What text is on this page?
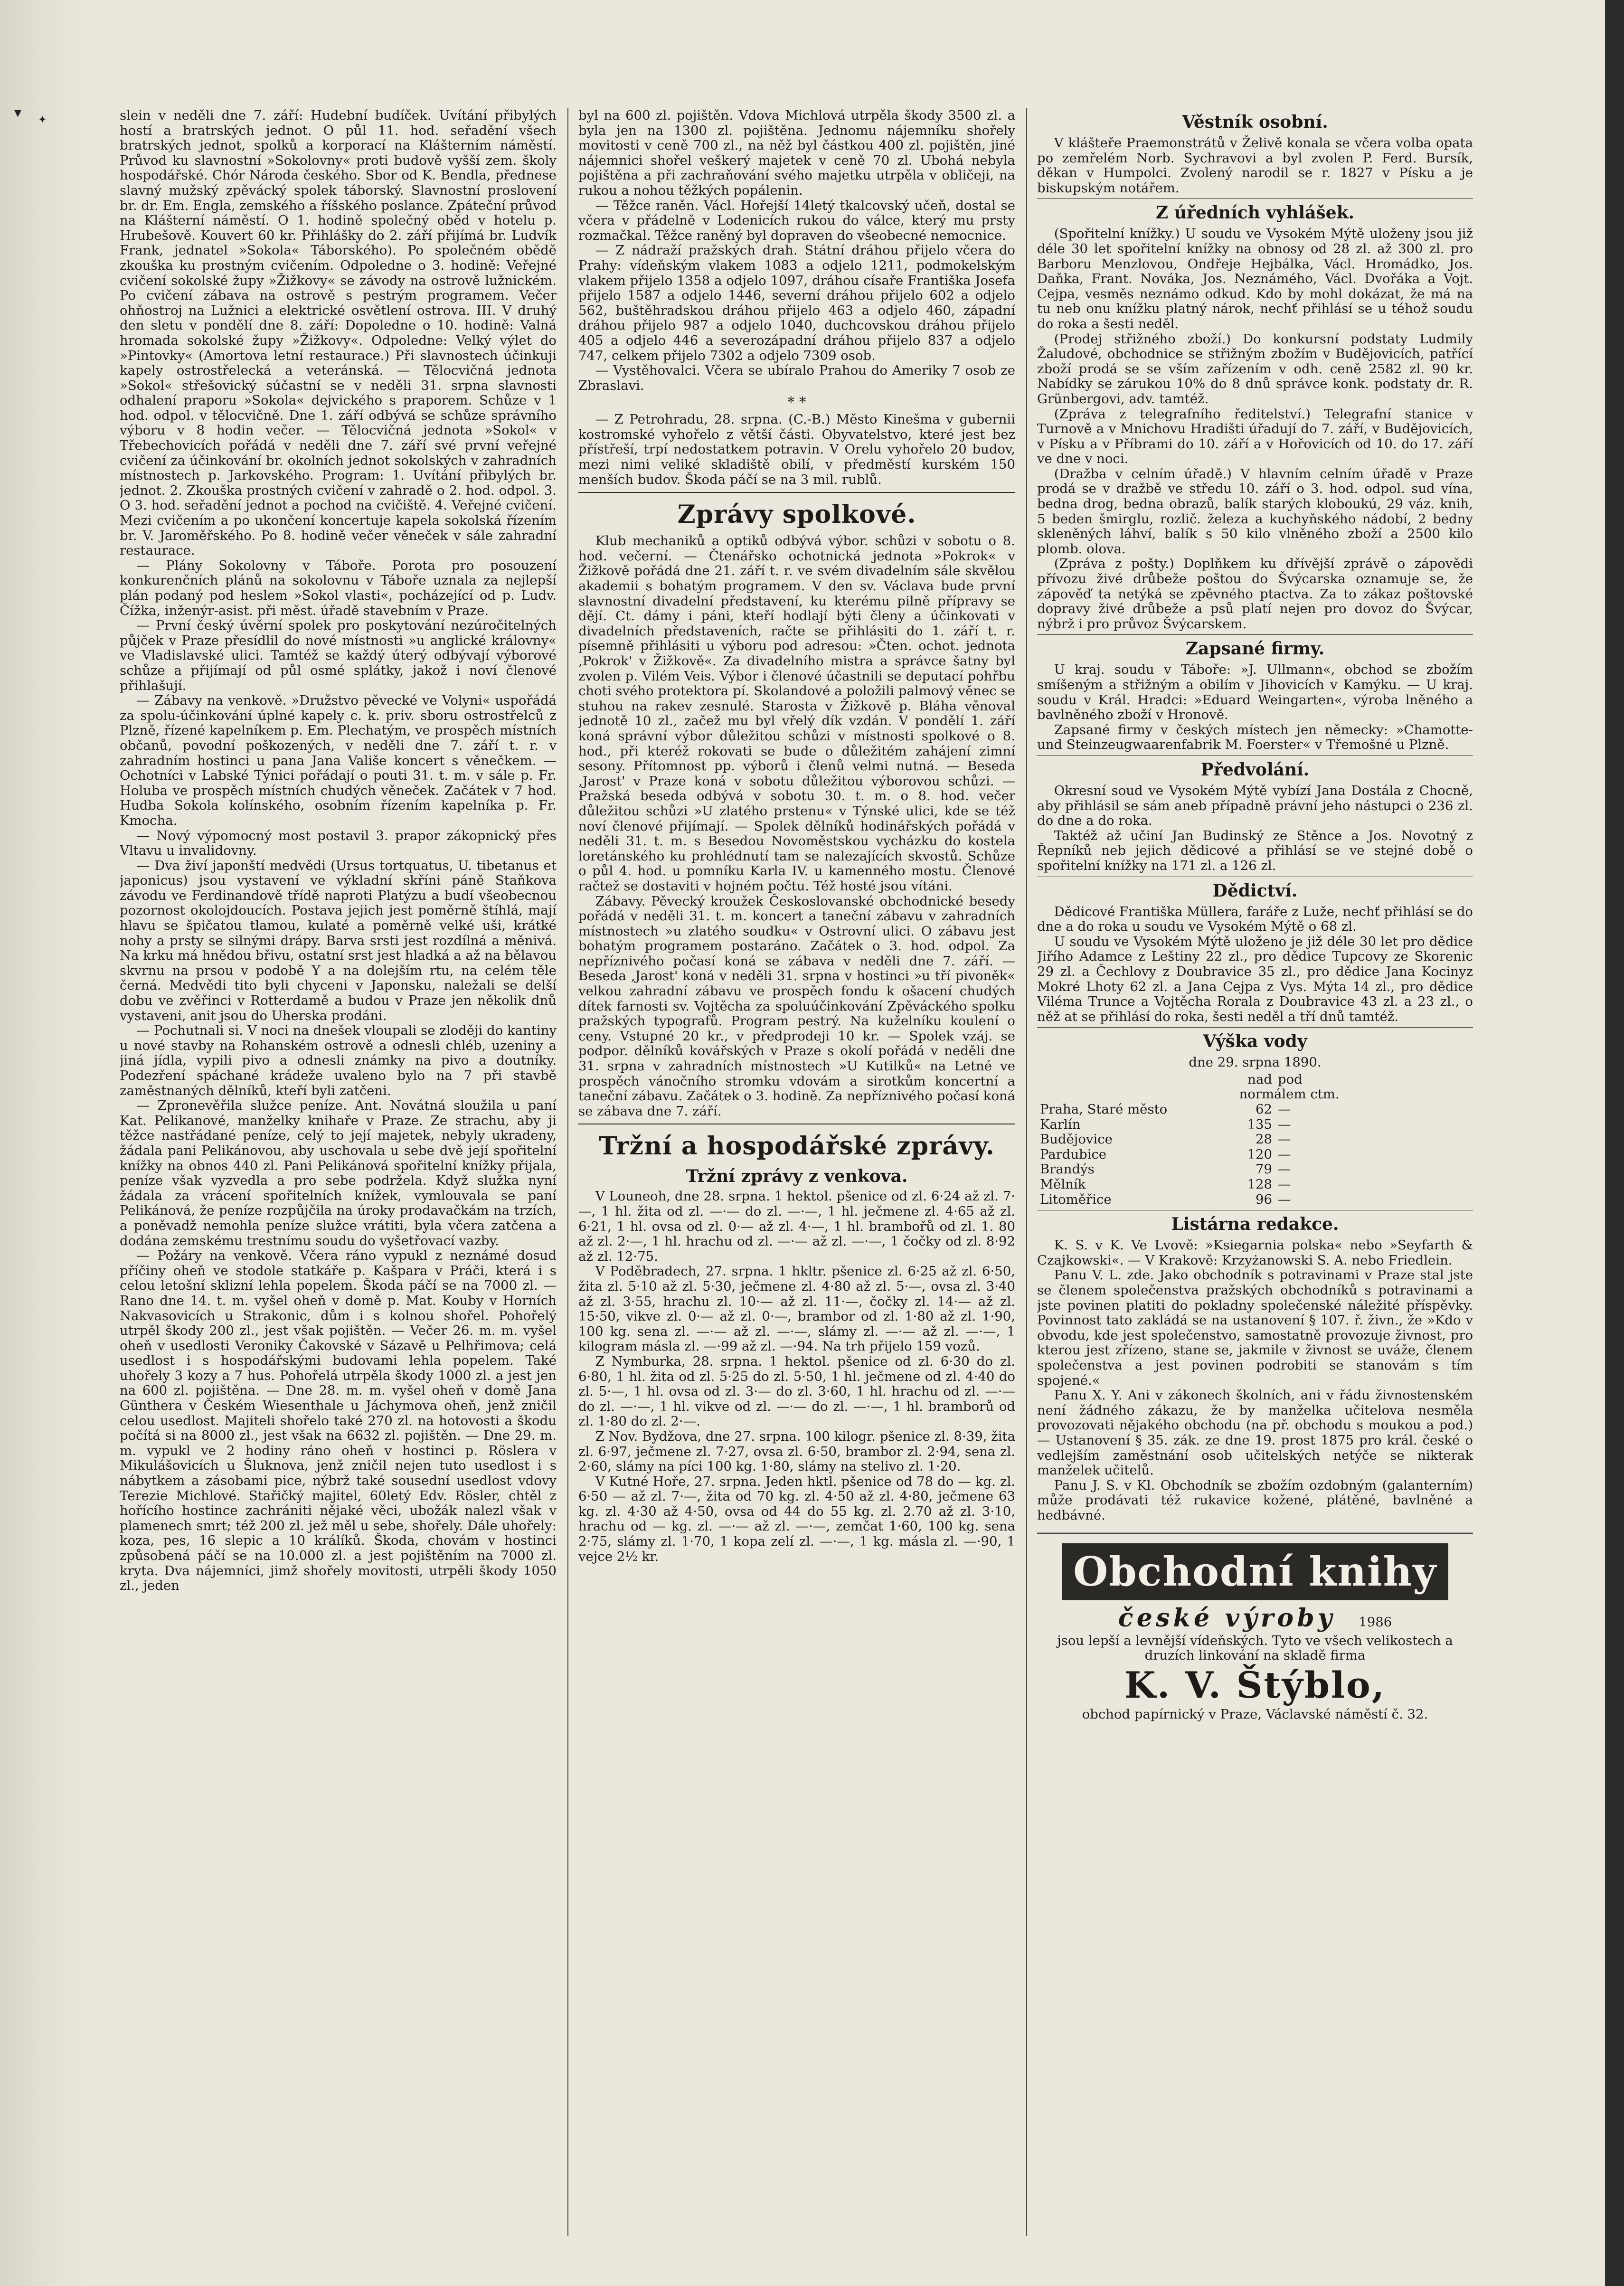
▾ ✦	slein v neděli dne 7. září: Hudební budíček. Uvítání přibylých hostí a bratrských jednot. O půl 11. hod. seřadění všech bratrských jednot, spolků a korporací na Klášterním náměstí. Průvod ku slavnostní »Sokolovny« proti budově vyšší zem. školy hospodářské. Chór Národa českého. Sbor od K. Bendla, přednese slavný mužský zpěvácký spolek táborský. Slavnostní proslovení br. dr. Em. Engla, zemského a říšského poslance. Zpáteční průvod na Klášterní náměstí. O 1. hodině společný oběd v hotelu p. Hrubešově. Kouvert 60 kr. Přihlášky do 2. září přijímá br. Ludvík Frank, jednatel »Sokola« Táborského). Po společném obědě zkouška ku prostným cvičením. Odpoledne o 3. hodině: Veřejné cvičení sokolské župy »Žižkovy« se závody na ostrově lužnickém. Po cvičení zábava na ostrově s pestrým programem. Večer ohňostroj na Lužnici a elektrické osvětlení ostrova. III. V druhý den sletu v pondělí dne 8. září: Dopoledne o 10. hodině: Valná hromada sokolské župy »Žižkovy«. Odpoledne: Velký výlet do »Pintovky« (Amortova letní restaurace.) Při slavnostech účinkuji kapely ostrostřelecká a veteránská. — Tělocvičná jednota »Sokol« střešovický súčastní se v neděli 31. srpna slavnosti odhalení praporu »Sokola« dejvického s praporem. Schůze v 1 hod. odpol. v tělocvičně. Dne 1. září odbývá se schůze správního výboru v 8 hodin večer. — Tělocvičná jednota »Sokol« v Třebechovicích pořádá v neděli dne 7. září své první veřejné cvičení za účinkování br. okolních jednot sokolských v zahradních místnostech p. Jarkovského. Program: 1. Uvítání přibylých br. jednot. 2. Zkouška prostných cvičení v zahradě o 2. hod. odpol. 3. O 3. hod. seřadění jednot a pochod na cvičiště. 4. Veřejné cvičení. Mezi cvičením a po ukončení koncertuje kapela sokolská řízením br. V. Jaroměřského. Po 8. hodině večer věneček v sále zahradní restaurace.

— Plány Sokolovny v Táboře. Porota pro posouzení konkurenčních plánů na sokolovnu v Táboře uznala za nejlepší plán podaný pod heslem »Sokol vlasti«, pocházející od p. Ludv. Čížka, inženýr-asist. při měst. úřadě stavebním v Praze.

— První český úvěrní spolek pro poskytování nezúročitelných půjček v Praze přesídlil do nové místnosti »u anglické královny« ve Vladislavské ulici. Tamtéž se každý úterý odbývají výborové schůze a přijímají od půl osmé splátky, jakož i noví členové přihlašují.

— Zábavy na venkově. »Družstvo pěvecké ve Volyni« uspořádá za spolu-účinkování úplné kapely c. k. priv. sboru ostrostřelců z Plzně, řízené kapelníkem p. Em. Plechatým, ve prospěch místních občanů, povodní poškozených, v neděli dne 7. září t. r. v zahradním hostinci u pana Jana Vališe koncert s věnečkem. — Ochotníci v Labské Týnici pořádají o pouti 31. t. m. v sále p. Fr. Holuba ve prospěch místních chudých věneček. Začátek v 7 hod. Hudba Sokola kolínského, osobním řízením kapelníka p. Fr. Kmocha.

— Nový výpomocný most postavil 3. prapor zákopnický přes Vltavu u invalidovny.

— Dva živí japonští medvědi (Ursus tortquatus, U. tibetanus et japonicus) jsou vystavení ve výkladní skříni páně Staňkova závodu ve Ferdinandově třídě naproti Platýzu a budí všeobecnou pozornost okolojdoucích. Postava jejich jest poměrně štíhlá, mají hlavu se špičatou tlamou, kulaté a poměrně velké uši, krátké nohy a prsty se silnými drápy. Barva srsti jest rozdílná a měnivá. Na krku má hnědou břivu, ostatní srst jest hladká a až na bělavou skvrnu na prsou v podobě Y a na dolejším rtu, na celém těle černá. Medvědi tito byli chyceni v Japonsku, naležali se delší dobu ve zvěřinci v Rotterdamě a budou v Praze jen několik dnů vystaveni, anit jsou do Uherska prodáni.

— Pochutnali si. V noci na dnešek vloupali se zloději do kantiny u nové stavby na Rohanském ostrově a odnesli chléb, uzeniny a jiná jídla, vypili pivo a odnesli známky na pivo a doutníky. Podezření spáchané krádeže uvaleno bylo na 7 při stavbě zaměstnaných dělníků, kteří byli zatčeni.

— Zpronevěřila služce peníze. Ant. Novátná sloužila u paní Kat. Pelikanové, manželky knihaře v Praze. Ze strachu, aby ji těžce nastřádané peníze, celý to její majetek, nebyly ukradeny, žádala pani Pelikánovou, aby uschovala u sebe dvě její spořitelní knížky na obnos 440 zl. Pani Pelikánová spořitelní knížky přijala, peníze však vyzvedla a pro sebe podržela. Když služka nyní žádala za vrácení spořitelních knížek, vymlouvala se paní Pelikánová, že peníze rozpůjčila na úroky prodavačkám na trzích, a poněvadž nemohla peníze služce vrátiti, byla včera zatčena a dodána zemskému trestnímu soudu do vyšetřovací vazby.

— Požáry na venkově. Včera ráno vypukl z neznámé dosud příčiny oheň ve stodole statkáře p. Kašpara v Práči, která i s celou letošní sklizní lehla popelem. Škoda páčí se na 7000 zl. — Rano dne 14. t. m. vyšel oheň v domě p. Mat. Kouby v Horních Nakvasovicích u Strakonic, dům i s kolnou shořel. Pohořelý utrpěl škody 200 zl., jest však pojištěn. — Večer 26. m. m. vyšel oheň v usedlosti Veroniky Čakovské v Sázavě u Pelhřimova; celá usedlost i s hospodářskými budovami lehla popelem. Také uhořely 3 kozy a 7 hus. Pohořelá utrpěla škody 1000 zl. a jest jen na 600 zl. pojištěna. — Dne 28. m. m. vyšel oheň v domě Jana Günthera v Českém Wiesenthale u Jáchymova oheň, jenž zničil celou usedlost. Majiteli shořelo také 270 zl. na hotovosti a škodu počítá si na 8000 zl., jest však na 6632 zl. pojištěn. — Dne 29. m. m. vypukl ve 2 hodiny ráno oheň v hostinci p. Röslera v Mikulášovicích u Šluknova, jenž zničil nejen tuto usedlost i s nábytkem a zásobami pice, nýbrž také sousední usedlost vdovy Terezie Michlové. Stařičký majitel, 60letý Edv. Rösler, chtěl z hořícího hostince zachrániti nějaké věci, ubožák nalezl však v plamenech smrt; též 200 zl. jež měl u sebe, shořely. Dále uhořely: koza, pes, 16 slepic a 10 králíků. Škoda, chovám v hostinci způsobená páčí se na 10.000 zl. a jest pojištěním na 7000 zl. kryta. Dva nájemníci, jimž shořely movitosti, utrpěli škody 1050 zl., jeden

byl na 600 zl. pojištěn. Vdova Michlová utrpěla škody 3500 zl. a byla jen na 1300 zl. pojištěna. Jednomu nájemníku shořely movitosti v ceně 700 zl., na něž byl částkou 400 zl. pojištěn, jiné nájemnici shořel veškerý majetek v ceně 70 zl. Ubohá nebyla pojištěna a při zachraňování svého majetku utrpěla v obličeji, na rukou a nohou těžkých popálenin.

— Těžce raněn. Václ. Hořejší 14letý tkalcovský učeň, dostal se včera v přádelně v Lodenicích rukou do válce, který mu prsty rozmačkal. Těžce raněný byl dopraven do všeobecné nemocnice.

— Z nádraží pražských drah. Státní dráhou přijelo včera do Prahy: vídeňským vlakem 1083 a odjelo 1211, podmokelským vlakem přijelo 1358 a odjelo 1097, dráhou císaře Františka Josefa přijelo 1587 a odjelo 1446, severní dráhou přijelo 602 a odjelo 562, buštěhradskou dráhou přijelo 463 a odjelo 460, západní dráhou přijelo 987 a odjelo 1040, duchcovskou dráhou přijelo 405 a odjelo 446 a severozápadní dráhou přijelo 837 a odjelo 747, celkem přijelo 7302 a odjelo 7309 osob.

— Vystěhovalci. Včera se ubíralo Prahou do Ameriky 7 osob ze Zbraslavi.

* *

— Z Petrohradu, 28. srpna. (C.-B.) Město Kinešma v gubernii kostromské vyhořelo z větší části. Obyvatelstvo, které jest bez přístřeší, trpí nedostatkem potravin. V Orelu vyhořelo 20 budov, mezi nimi veliké skladiště obilí, v předměstí kurském 150 menších budov. Škoda páčí se na 3 mil. rublů.

Zprávy spolkové.

Klub mechaniků a optiků odbývá výbor. schůzi v sobotu o 8. hod. večerní. — Čtenářsko ochotnická jednota »Pokrok« v Žižkově pořádá dne 21. září t. r. ve svém divadelním sále skvělou akademii s bohatým programem. V den sv. Václava bude první slavnostní divadelní představení, ku kterému pilně přípravy se dějí. Ct. dámy i páni, kteří hodlají býti členy a účinkovati v divadelních představeních, račte se přihlásiti do 1. září t. r. písemně přihlásiti u výboru pod adresou: »Čten. ochot. jednota ‚Pokrok' v Žižkově«. Za divadelního mistra a správce šatny byl zvolen p. Vilém Veis. Výbor i členové účastnili se deputací pohřbu choti svého protektora pí. Skolandové a položili palmový věnec se stuhou na rakev zesnulé. Starosta v Žižkově p. Bláha věnoval jednotě 10 zl., začež mu byl vřelý dík vzdán. V pondělí 1. září koná správní výbor důležitou schůzi v místnosti spolkové o 8. hod., při kteréž rokovati se bude o důležitém zahájení zimní sesony. Přítomnost pp. výborů i členů velmi nutná. — Beseda ‚Jarost' v Praze koná v sobotu důležitou výborovou schůzi. — Pražská beseda odbývá v sobotu 30. t. m. o 8. hod. večer důležitou schůzi »U zlatého prstenu« v Týnské ulici, kde se též noví členové přijímají. — Spolek dělníků hodinářských pořádá v neděli 31. t. m. s Besedou Novoměstskou vycházku do kostela loretánského ku prohlédnutí tam se nalezajících skvostů. Schůze o půl 4. hod. u pomníku Karla IV. u kamenného mostu. Členové račtež se dostaviti v hojném počtu. Též hosté jsou vítáni.

Zábavy. Pěvecký kroužek Českoslovanské obchodnické besedy pořádá v neděli 31. t. m. koncert a taneční zábavu v zahradních místnostech »u zlatého soudku« v Ostrovní ulici. O zábavu jest bohatým programem postaráno. Začátek o 3. hod. odpol. Za nepříznivého počasí koná se zábava v neděli dne 7. září. — Beseda ‚Jarost' koná v neděli 31. srpna v hostinci »u tří pivoněk« velkou zahradní zábavu ve prospěch fondu k ošacení chudých dítek farnosti sv. Vojtěcha za spoluúčinkování Zpěváckého spolku pražských typografů. Program pestrý. Na kuželníku koulení o ceny. Vstupné 20 kr., v předprodeji 10 kr. — Spolek vzáj. se podpor. dělníků kovářských v Praze s okolí pořádá v neděli dne 31. srpna v zahradních místnostech »U Kutilků« na Letné ve prospěch vánočního stromku vdovám a sirotkům koncertní a taneční zábavu. Začátek o 3. hodině. Za nepříznivého počasí koná se zábava dne 7. září.

Tržní a hospodářské zprávy.
Tržní zprávy z venkova.

V Louneoh, dne 28. srpna. 1 hektol. pšenice od zl. 6·24 až zl. 7·—, 1 hl. žita od zl. —·— do zl. —·—, 1 hl. ječmene zl. 4·65 až zl. 6·21, 1 hl. ovsa od zl. 0·— až zl. 4·—, 1 hl. brambořů od zl. 1. 80 až zl. 2·—, 1 hl. hrachu od zl. —·— až zl. —·—, 1 čočky od zl. 8·92 až zl. 12·75.

V Poděbradech, 27. srpna. 1 hkltr. pšenice zl. 6·25 až zl. 6·50, žita zl. 5·10 až zl. 5·30, ječmene zl. 4·80 až zl. 5·—, ovsa zl. 3·40 až zl. 3·55, hrachu zl. 10·— až zl. 11·—, čočky zl. 14·— až zl. 15·50, vikve zl. 0·— až zl. 0·—, brambor od zl. 1·80 až zl. 1·90, 100 kg. sena zl. —·— až zl. —·—, slámy zl. —·— až zl. —·—, 1 kilogram másla zl. —·99 až zl. —·94. Na trh přijelo 159 vozů.

Z Nymburka, 28. srpna. 1 hektol. pšenice od zl. 6·30 do zl. 6·80, 1 hl. žita od zl. 5·25 do zl. 5·50, 1 hl. ječmene od zl. 4·40 do zl. 5·—, 1 hl. ovsa od zl. 3·— do zl. 3·60, 1 hl. hrachu od zl. —·— do zl. —·—, 1 hl. vikve od zl. —·— do zl. —·—, 1 hl. bramborů od zl. 1·80 do zl. 2·—.

Z Nov. Bydžova, dne 27. srpna. 100 kilogr. pšenice zl. 8·39, žita zl. 6·97, ječmene zl. 7·27, ovsa zl. 6·50, brambor zl. 2·94, sena zl. 2·60, slámy na píci 100 kg. 1·80, slámy na stelivo zl. 1·20.

V Kutné Hoře, 27. srpna. Jeden hktl. pšenice od 78 do — kg. zl. 6·50 — až zl. 7·—, žita od 70 kg. zl. 4·50 až zl. 4·80, ječmene 63 kg. zl. 4·30 až 4·50, ovsa od 44 do 55 kg. zl. 2.70 až zl. 3·10, hrachu od — kg. zl. —·— až zl. —·—, zemčat 1·60, 100 kg. sena 2·75, slámy zl. 1·70, 1 kopa zelí zl. —·—, 1 kg. másla zl. —·90, 1 vejce 2½ kr.

Věstník osobní.

V klášteře Praemonstrátů v Želivě konala se včera volba opata po zemřelém Norb. Sychravovi a byl zvolen P. Ferd. Bursík, děkan v Humpolci. Zvolený narodil se r. 1827 v Písku a je biskupským notářem.

Z úředních vyhlášek.

(Spořitelní knížky.) U soudu ve Vysokém Mýtě uloženy jsou již déle 30 let spořitelní knížky na obnosy od 28 zl. až 300 zl. pro Barboru Menzlovou, Ondřeje Hejbálka, Václ. Hromádko, Jos. Daňka, Frant. Nováka, Jos. Neznámého, Václ. Dvořáka a Vojt. Cejpa, vesměs neznámo odkud. Kdo by mohl dokázat, že má na tu neb onu knížku platný nárok, nechť přihlásí se u téhož soudu do roka a šesti neděl.

(Prodej střižného zboží.) Do konkursní podstaty Ludmily Žaludové, obchodnice se střižným zbožím v Budějovicích, patřící zboží prodá se se vším zařízením v odh. ceně 2582 zl. 90 kr. Nabídky se zárukou 10% do 8 dnů správce konk. podstaty dr. R. Grünbergovi, adv. tamtéž.

(Zpráva z telegrafního ředitelství.) Telegrafní stanice v Turnově a v Mnichovu Hradišti úřadují do 7. září, v Budějovicích, v Písku a v Příbrami do 10. září a v Hořovicích od 10. do 17. září ve dne v noci.

(Dražba v celním úřadě.) V hlavním celním úřadě v Praze prodá se v dražbě ve středu 10. září o 3. hod. odpol. sud vína, bedna drog, bedna obrazů, balík starých kloboukú, 29 váz. knih, 5 beden šmirglu, rozlič. železa a kuchyňského nádobí, 2 bedny skleněných láhví, balík s 50 kilo vlněného zboží a 2500 kilo plomb. olova.

(Zpráva z pošty.) Doplňkem ku dřívější zprávě o zápovědi přívozu živé drůbeže poštou do Švýcarska oznamuje se, že zápověď ta netýká se zpěvného ptactva. Za to zákaz poštovské dopravy živé drůbeže a psů platí nejen pro dovoz do Švýcar, nýbrž i pro průvoz Švýcarskem.

Zapsané firmy.

U kraj. soudu v Táboře: »J. Ullmann«, obchod se zbožím smíšeným a střižným a obilím v Jihovicích v Kamýku. — U kraj. soudu v Král. Hradci: »Eduard Weingarten«, výroba lněného a bavlněného zboží v Hronově.

Zapsané firmy v českých místech jen německy: »Chamotte- und Steinzeugwaarenfabrik M. Foerster« v Třemošné u Plzně.

Předvolání.

Okresní soud ve Vysokém Mýtě vybízí Jana Dostála z Chocně, aby přihlásil se sám aneb případně právní jeho nástupci o 236 zl. do dne a do roka.

Taktéž až učiní Jan Budinský ze Stěnce a Jos. Novotný z Řepníků neb jejich dědicové a přihlásí se ve stejné době o spořitelní knížky na 171 zl. a 126 zl.

Dědictví.

Dědicové Františka Müllera, faráře z Luže, nechť přihlásí se do dne a do roka u soudu ve Vysokém Mýtě o 68 zl.

U soudu ve Vysokém Mýtě uloženo je již déle 30 let pro dědice Jiřího Adamce z Leštiny 22 zl., pro dědice Tupcovy ze Skorenic 29 zl. a Čechlovy z Doubravice 35 zl., pro dědice Jana Kocinyz Mokré Lhoty 62 zl. a Jana Cejpa z Vys. Mýta 14 zl., pro dědice Viléma Trunce a Vojtěcha Rorala z Doubravice 43 zl. a 23 zl., o něž at se přihlásí do roka, šesti neděl a tří dnů tamtéž.

Výška vody
dne 29. srpna 1890.
	nad	pod
	normálem ctm.	
Praha, Staré město	62	—
Karlín	135	—
Budějovice	28	—
Pardubice	120	—
Brandýs	79	—
Mělník	128	—
Litoměřice	96	—
Listárna redakce.

K. S. v K. Ve Lvově: »Ksiegarnia polska« nebo »Seyfarth & Czajkowski«. — V Krakově: Krzyżanowski S. A. nebo Friedlein.

Panu V. L. zde. Jako obchodník s potravinami v Praze stal jste se členem společenstva pražských obchodníků s potravinami a jste povinen platiti do pokladny společenské náležité příspěvky. Povinnost tato zakládá se na ustanovení § 107. ř. živn., že »Kdo v obvodu, kde jest společenstvo, samostatně provozuje živnost, pro kterou jest zřízeno, stane se, jakmile v živnost se uváže, členem společenstva a jest povinen podrobiti se stanovám s tím spojené.«

Panu X. Y. Ani v zákonech školních, ani v řádu živnostenském není žádného zákazu, že by manželka učitelova nesměla provozovati nějakého obchodu (na př. obchodu s moukou a pod.) — Ustanovení § 35. zák. ze dne 19. prost 1875 pro král. české o vedlejším zaměstnání osob učitelských netýče se nikterak manželek učitelů.

Panu J. S. v Kl. Obchodník se zbožím ozdobným (galanterním) může prodávati též rukavice kožené, plátěné, bavlněné a hedbávné.

Obchodní knihy
české výroby 1986

jsou lepší a levnější vídeňských. Tyto ve všech velikostech a druzích linkování na skladě firma

K. V. Štýblo,

obchod papírnický v Praze, Václavské náměstí č. 32.
